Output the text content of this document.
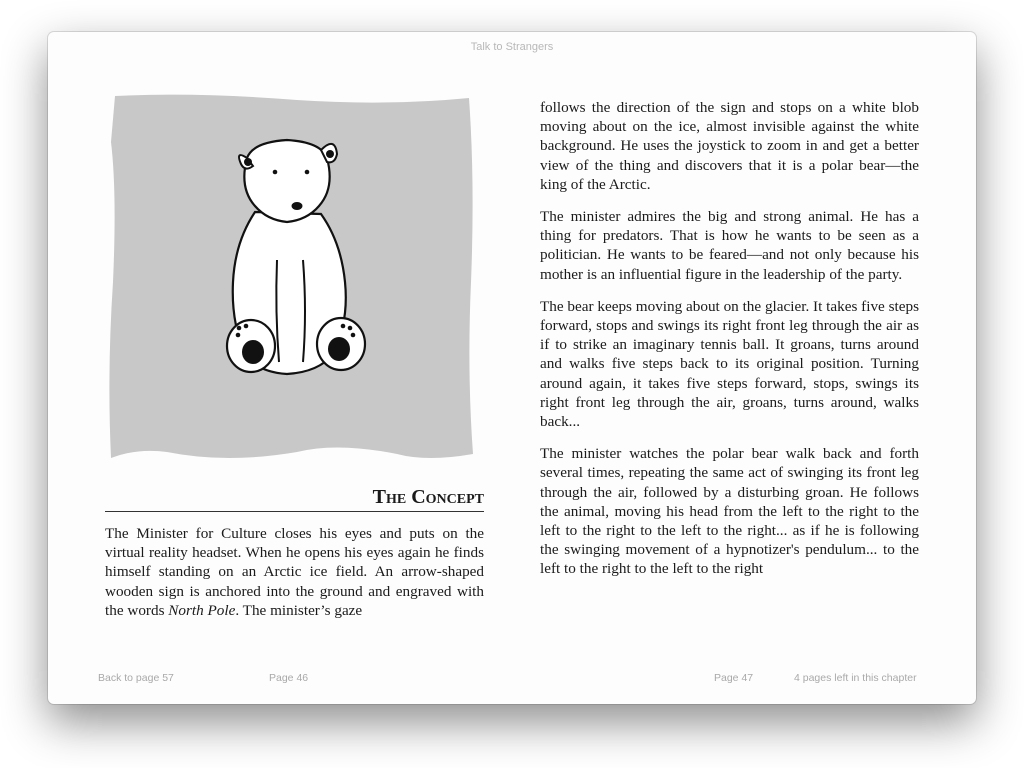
Talk to Strangers
The Concept

The Minister for Culture closes his eyes and puts on the virtual reality headset. When he opens his eyes again he finds himself standing on an Arctic ice field. An arrow-shaped wooden sign is anchored into the ground and engraved with the words North Pole. The minister’s gaze

follows the direction of the sign and stops on a white blob moving about on the ice, almost invisible against the white background. He uses the joystick to zoom in and get a better view of the thing and discovers that it is a polar bear—the king of the Arctic.

The minister admires the big and strong animal. He has a thing for predators. That is how he wants to be seen as a politician. He wants to be feared—and not only because his mother is an influential figure in the leadership of the party.

The bear keeps moving about on the glacier. It takes five steps forward, stops and swings its right front leg through the air as if to strike an imaginary tennis ball. It groans, turns around and walks five steps back to its original position. Turning around again, it takes five steps forward, stops, swings its right front leg through the air, groans, turns around, walks back...

The minister watches the polar bear walk back and forth several times, repeating the same act of swinging its front leg through the air, followed by a disturbing groan. He follows the animal, moving his head from the left to the right to the left to the right to the left to the right... as if he is following the swinging movement of a hypnotizer's pendulum... to the left to the right to the left to the right

Back to page 57	Page 46	Page 47	4 pages left in this chapter
